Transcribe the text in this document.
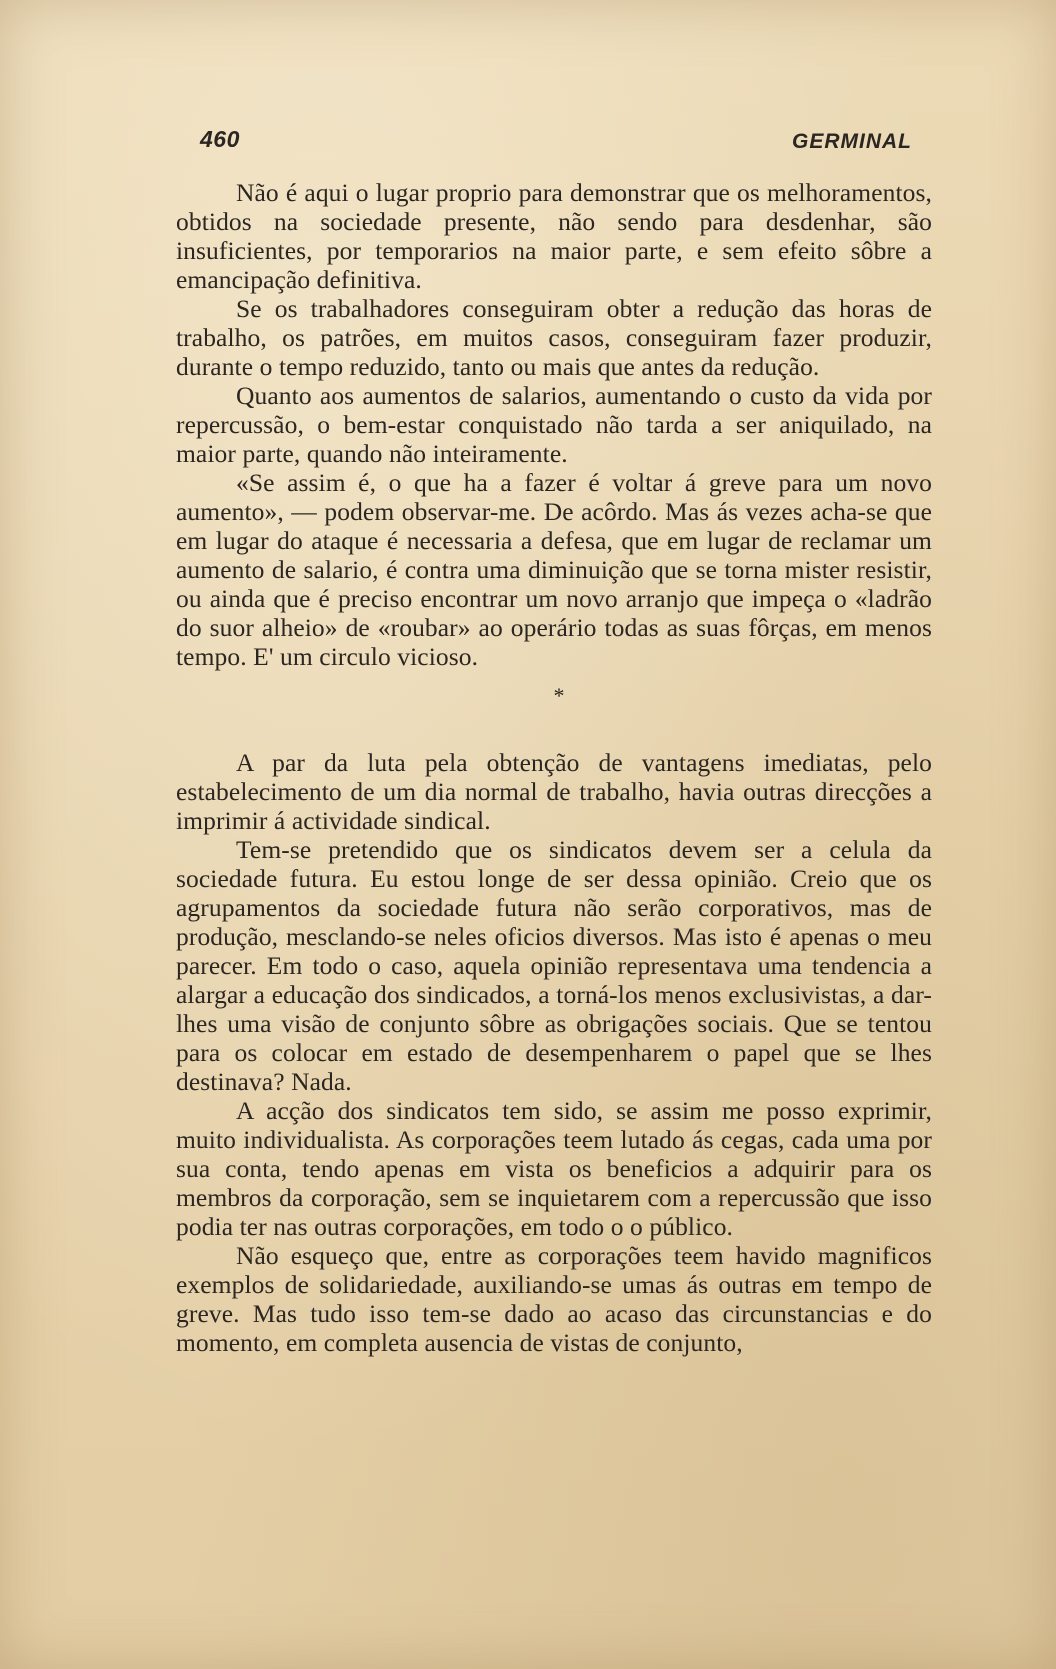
460	GERMINAL

Não é aqui o lugar proprio para demonstrar que os melhoramentos, obtidos na sociedade presente, não sendo para desdenhar, são insuficientes, por temporarios na maior parte, e sem efeito sôbre a emancipação definitiva.

Se os trabalhadores conseguiram obter a redução das horas de trabalho, os patrões, em muitos casos, conseguiram fazer produzir, durante o tempo reduzido, tanto ou mais que antes da redução.

Quanto aos aumentos de salarios, aumentando o custo da vida por repercussão, o bem-estar conquistado não tarda a ser aniquilado, na maior parte, quando não inteiramente.

«Se assim é, o que ha a fazer é voltar á greve para um novo aumento», — podem observar-me. De acôrdo. Mas ás vezes acha-se que em lugar do ataque é necessaria a defesa, que em lugar de reclamar um aumento de salario, é contra uma diminuição que se torna mister resistir, ou ainda que é preciso encontrar um novo arranjo que impeça o «ladrão do suor alheio» de «roubar» ao operário todas as suas fôrças, em menos tempo. E' um circulo vicioso.

*

A par da luta pela obtenção de vantagens imediatas, pelo estabelecimento de um dia normal de trabalho, havia outras direcções a imprimir á actividade sindical.

Tem-se pretendido que os sindicatos devem ser a celula da sociedade futura. Eu estou longe de ser dessa opinião. Creio que os agrupamentos da sociedade futura não serão corporativos, mas de produção, mesclando-se neles oficios diversos. Mas isto é apenas o meu parecer. Em todo o caso, aquela opinião representava uma tendencia a alargar a educação dos sindicados, a torná-los menos exclusivistas, a dar-lhes uma visão de conjunto sôbre as obrigações sociais. Que se tentou para os colocar em estado de desempenharem o papel que se lhes destinava? Nada.

A acção dos sindicatos tem sido, se assim me posso exprimir, muito individualista. As corporações teem lutado ás cegas, cada uma por sua conta, tendo apenas em vista os beneficios a adquirir para os membros da corporação, sem se inquietarem com a repercussão que isso podia ter nas outras corporações, em todo o o público.

Não esqueço que, entre as corporações teem havido magnificos exemplos de solidariedade, auxiliando-se umas ás outras em tempo de greve. Mas tudo isso tem-se dado ao acaso das circunstancias e do momento, em completa ausencia de vistas de conjunto,
